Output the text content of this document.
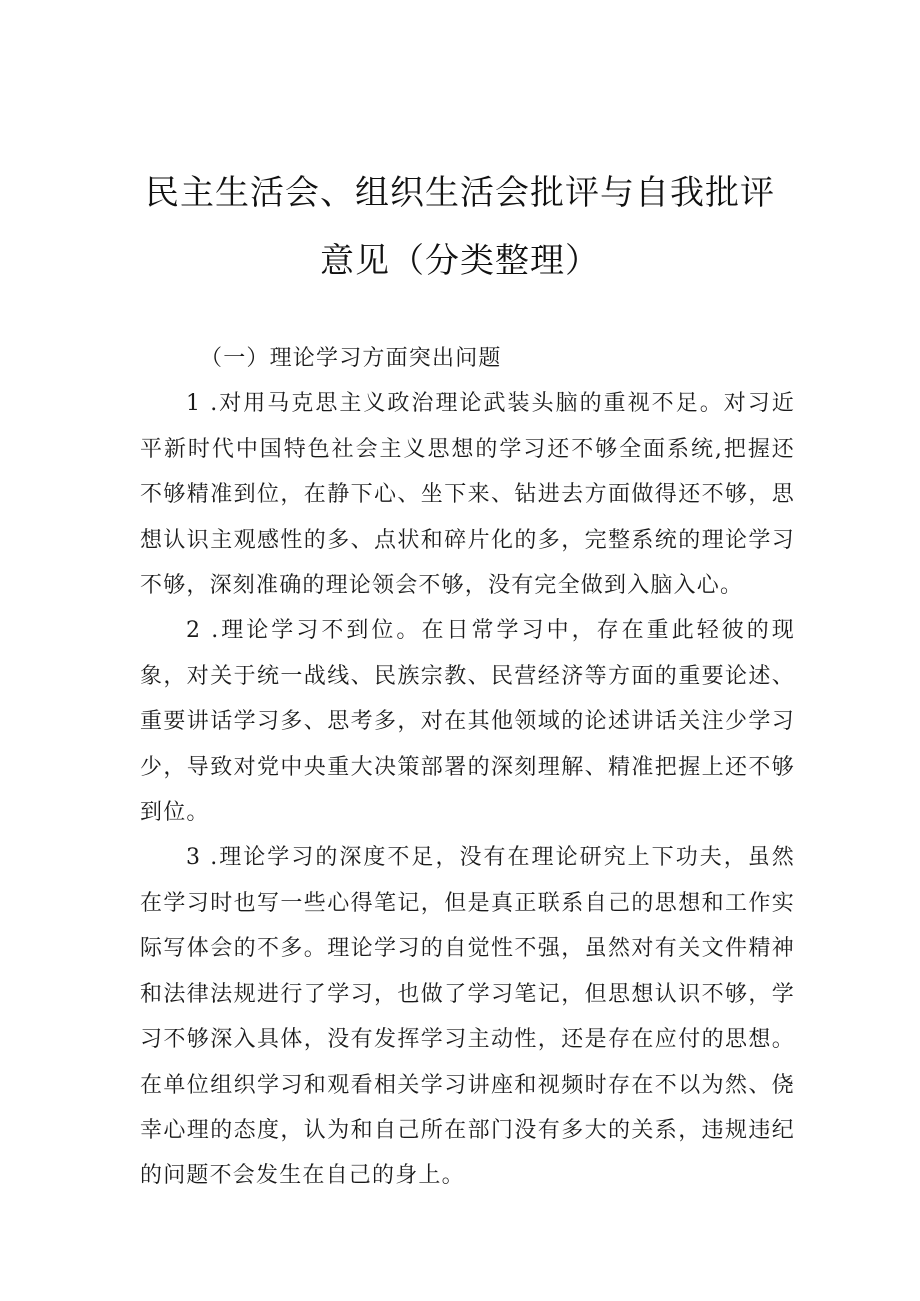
民主生活会、组织生活会批评与自我批评
意见（分类整理）

（一）理论学习方面突出问题

1 .对用马克思主义政治理论武装头脑的重视不足。对习近平新时代中国特色社会主义思想的学习还不够全面系统,把握还不够精准到位，在静下心、坐下来、钻进去方面做得还不够，思想认识主观感性的多、点状和碎片化的多，完整系统的理论学习不够，深刻准确的理论领会不够，没有完全做到入脑入心。

2 .理论学习不到位。在日常学习中，存在重此轻彼的现象，对关于统一战线、民族宗教、民营经济等方面的重要论述、重要讲话学习多、思考多，对在其他领域的论述讲话关注少学习少，导致对党中央重大决策部署的深刻理解、精准把握上还不够到位。

3 .理论学习的深度不足，没有在理论研究上下功夫，虽然在学习时也写一些心得笔记，但是真正联系自己的思想和工作实际写体会的不多。理论学习的自觉性不强，虽然对有关文件精神和法律法规进行了学习，也做了学习笔记，但思想认识不够，学习不够深入具体，没有发挥学习主动性，还是存在应付的思想。在单位组织学习和观看相关学习讲座和视频时存在不以为然、侥幸心理的态度，认为和自己所在部门没有多大的关系，违规违纪的问题不会发生在自己的身上。
